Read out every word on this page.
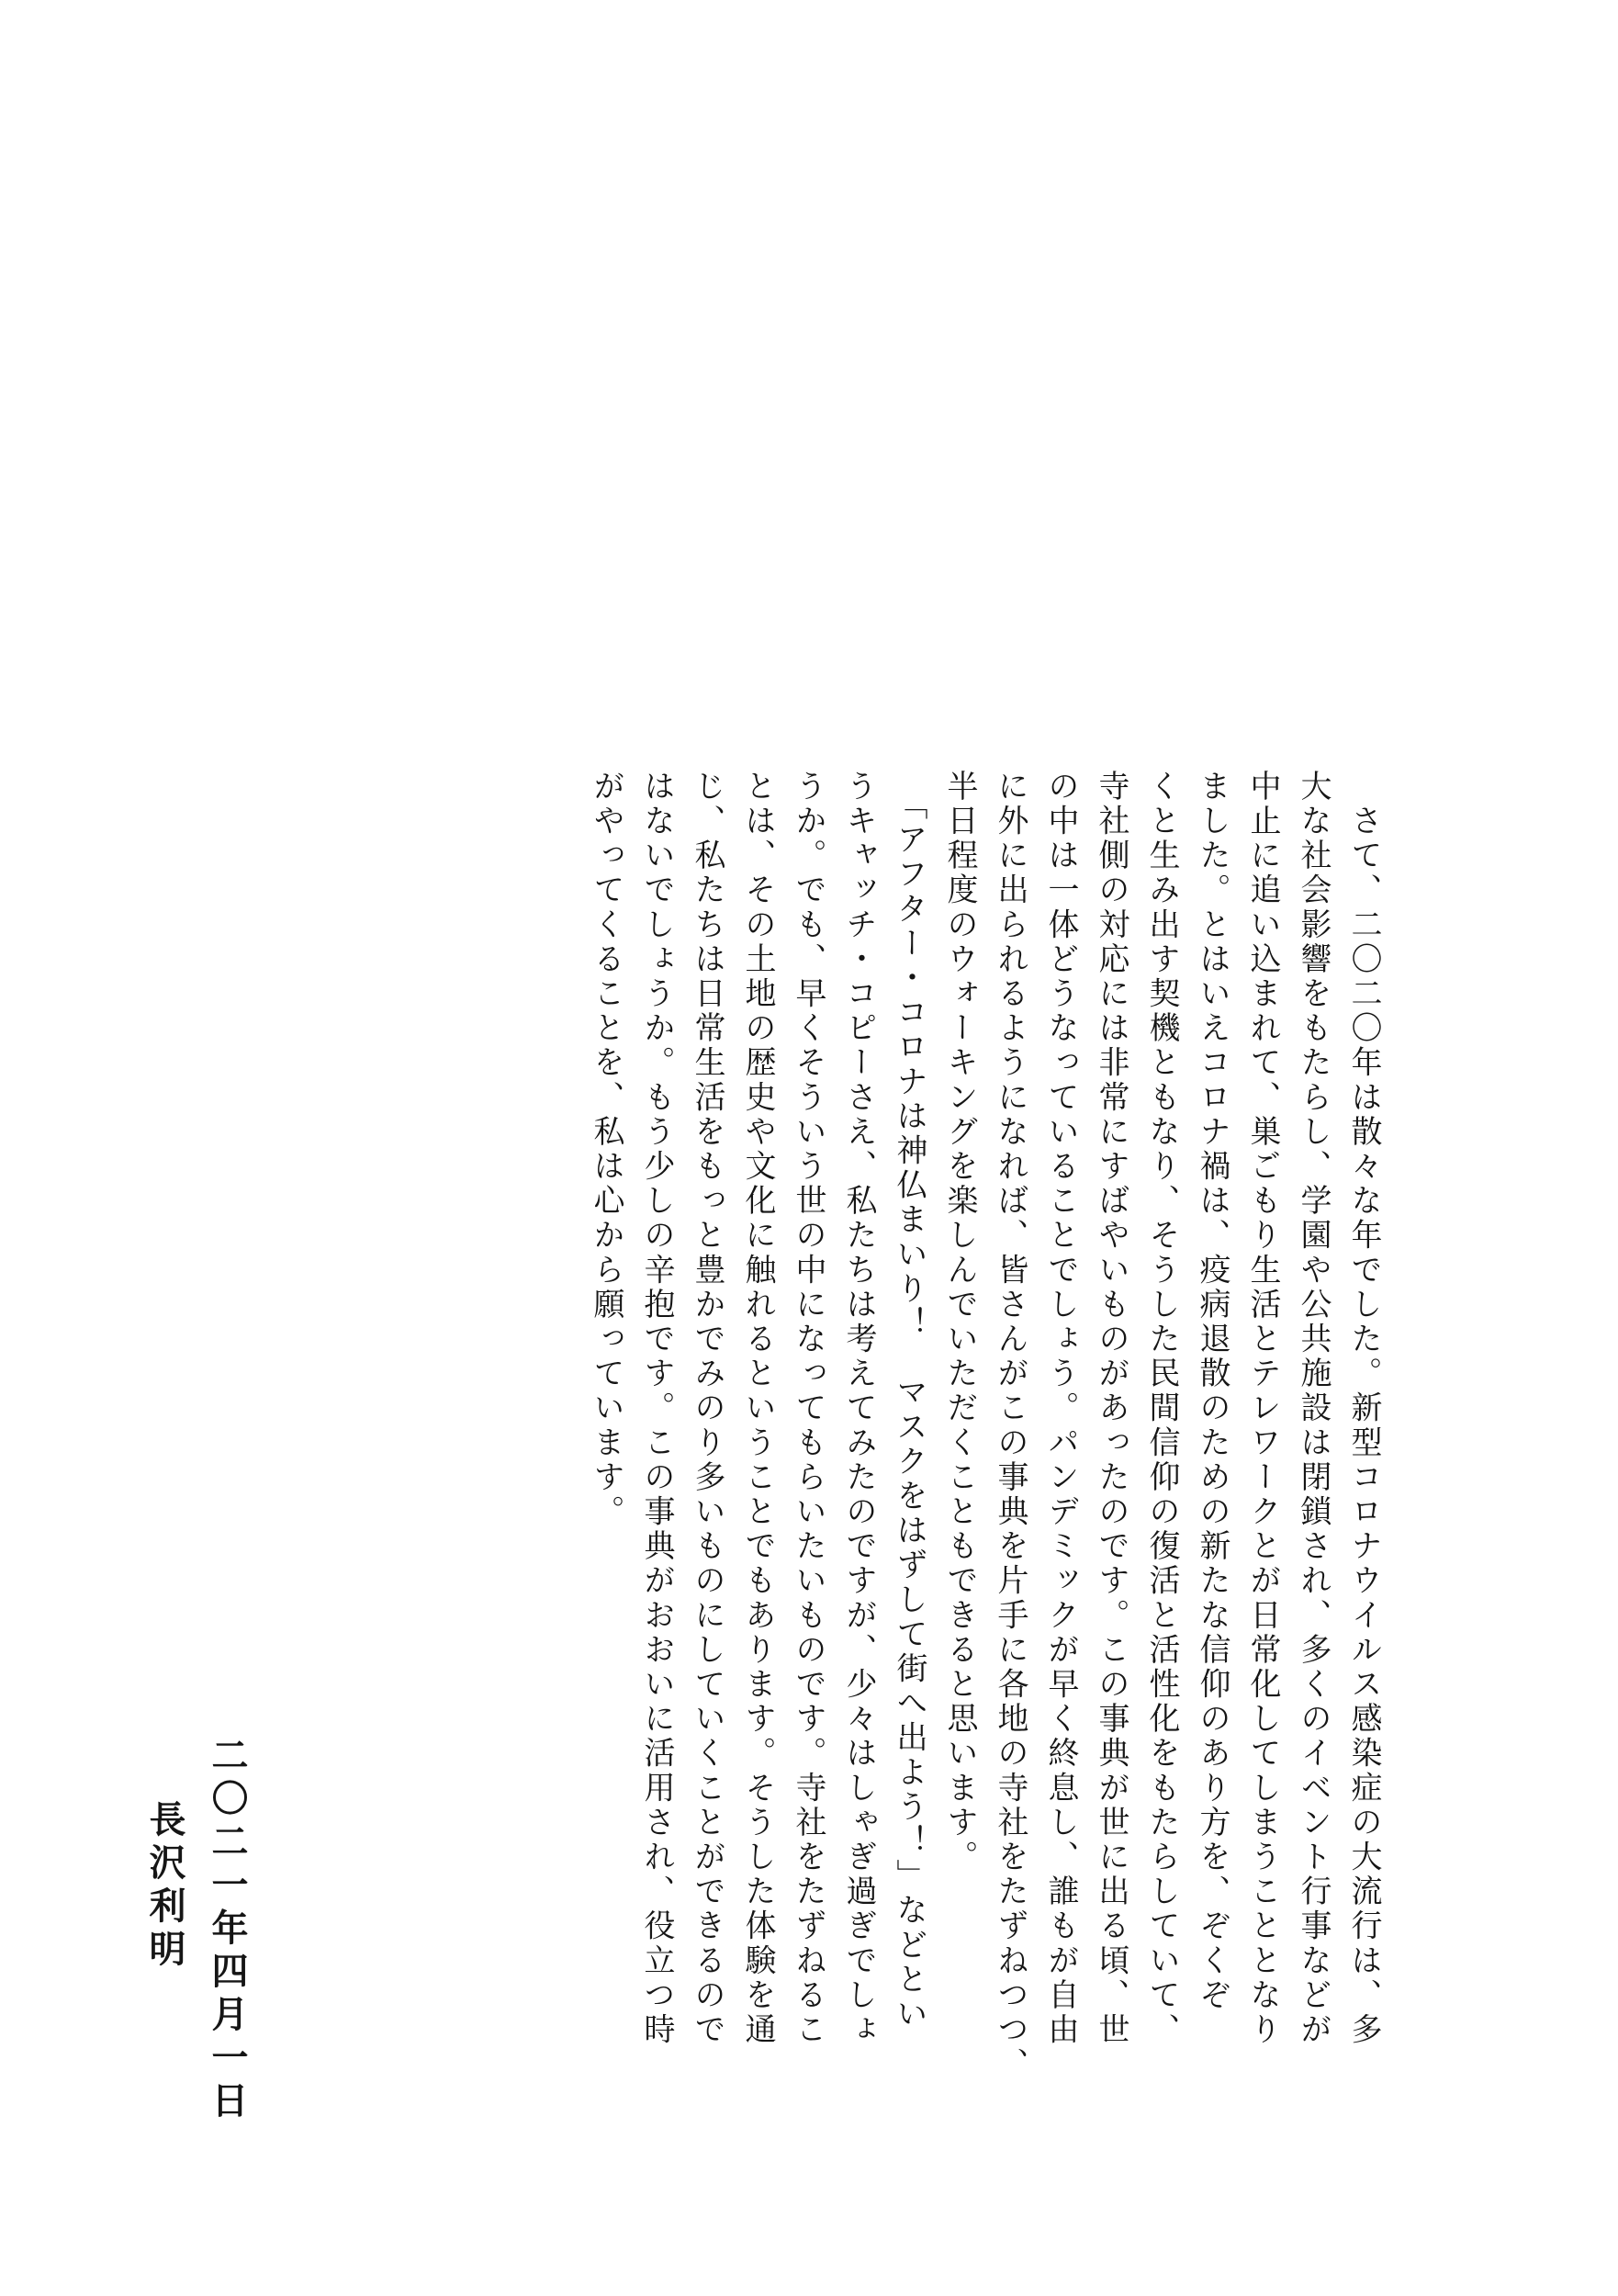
　さて、二〇二〇年は散々な年でした。新型コロナウイルス感染症の大流行は、多
大な社会影響をもたらし、学園や公共施設は閉鎖され、多くのイベント行事などが
中止に追い込まれて、巣ごもり生活とテレワークとが日常化してしまうこととなり
ました。とはいえコロナ禍は、疫病退散のための新たな信仰のあり方を、ぞくぞ
くと生み出す契機ともなり、そうした民間信仰の復活と活性化をもたらしていて、
寺社側の対応には非常にすばやいものがあったのです。この事典が世に出る頃、世
の中は一体どうなっていることでしょう。パンデミックが早く終息し、誰もが自由
に外に出られるようになれば、皆さんがこの事典を片手に各地の寺社をたずねつつ、
半日程度のウォーキングを楽しんでいただくこともできると思います。
　「アフター・コロナは神仏まいり！　マスクをはずして街へ出よう！」などとい
うキャッチ・コピーさえ、私たちは考えてみたのですが、少々はしゃぎ過ぎでしょ
うか。でも、早くそういう世の中になってもらいたいものです。寺社をたずねるこ
とは、その土地の歴史や文化に触れるということでもあります。そうした体験を通
じ、私たちは日常生活をもっと豊かでみのり多いものにしていくことができるので
はないでしょうか。もう少しの辛抱です。この事典がおおいに活用され、役立つ時
がやってくることを、私は心から願っています。
二〇二一年四月一日
長沢利明
